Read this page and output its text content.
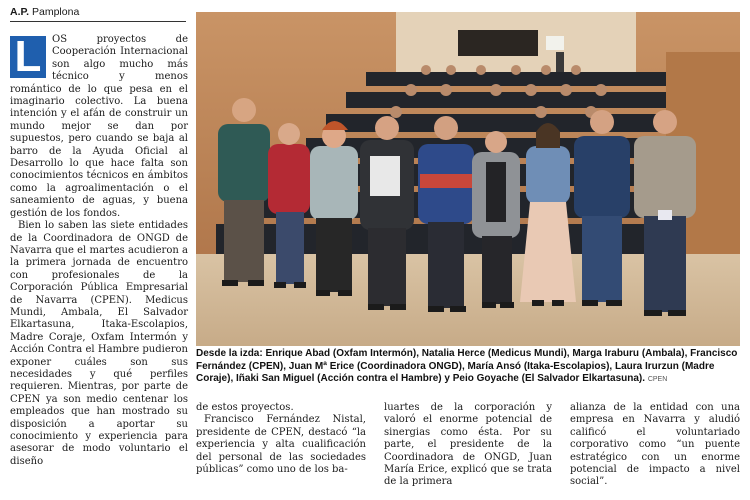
A.P. Pamplona

L	OS proyectos de Cooperación Internacional son algo mucho más técnico y menos romántico de lo que pesa en el imaginario colectivo. La buena intención y el afán de construir un mundo mejor se dan por supuestos, pero cuando se baja al barro de la Ayuda Oficial al Desarrollo lo que hace falta son conocimientos técnicos en ámbitos como la agroalimentación o el saneamiento de aguas, y buena gestión de los fondos.

Bien lo saben las siete entidades de la Coordinadora de ONGD de Navarra que el martes acudieron a la primera jornada de encuentro con profesionales de la Corporación Pública Empresarial de Navarra (CPEN). Medicus Mundi, Ambala, El Salvador Elkartasuna, Itaka-Escolapios, Madre Coraje, Oxfam Intermón y Acción Contra el Hambre pudieron exponer cuáles son sus necesidades y qué perfiles requieren. Mientras, por parte de CPEN ya son medio centenar los empleados que han mostrado su disposición a aportar su conocimiento y experiencia para asesorar de modo voluntario el diseño

Desde la izda: Enrique Abad (Oxfam Intermón), Natalia Herce (Medicus Mundi), Marga Iraburu (Ambala), Francisco Fernández (CPEN), Juan Mª Erice (Coordinadora ONGD), María Ansó (Itaka-Escolapios), Laura Irurzun (Madre Coraje), Iñaki San Miguel (Acción contra el Hambre) y Peio Goyache (El Salvador Elkartasuna). CPEN

de estos proyectos.

Francisco Fernández Nistal, presidente de CPEN, destacó “la experiencia y alta cualificación del personal de las sociedades públicas” como uno de los ba-

luartes de la corporación y valoró el enorme potencial de sinergias como ésta. Por su parte, el presidente de la Coordinadora de ONGD, Juan María Erice, explicó que se trata de la primera

alianza de la entidad con una empresa en Navarra y aludió calificó el voluntariado corporativo como “un puente estratégico con un enorme potencial de impacto a nivel social”.
